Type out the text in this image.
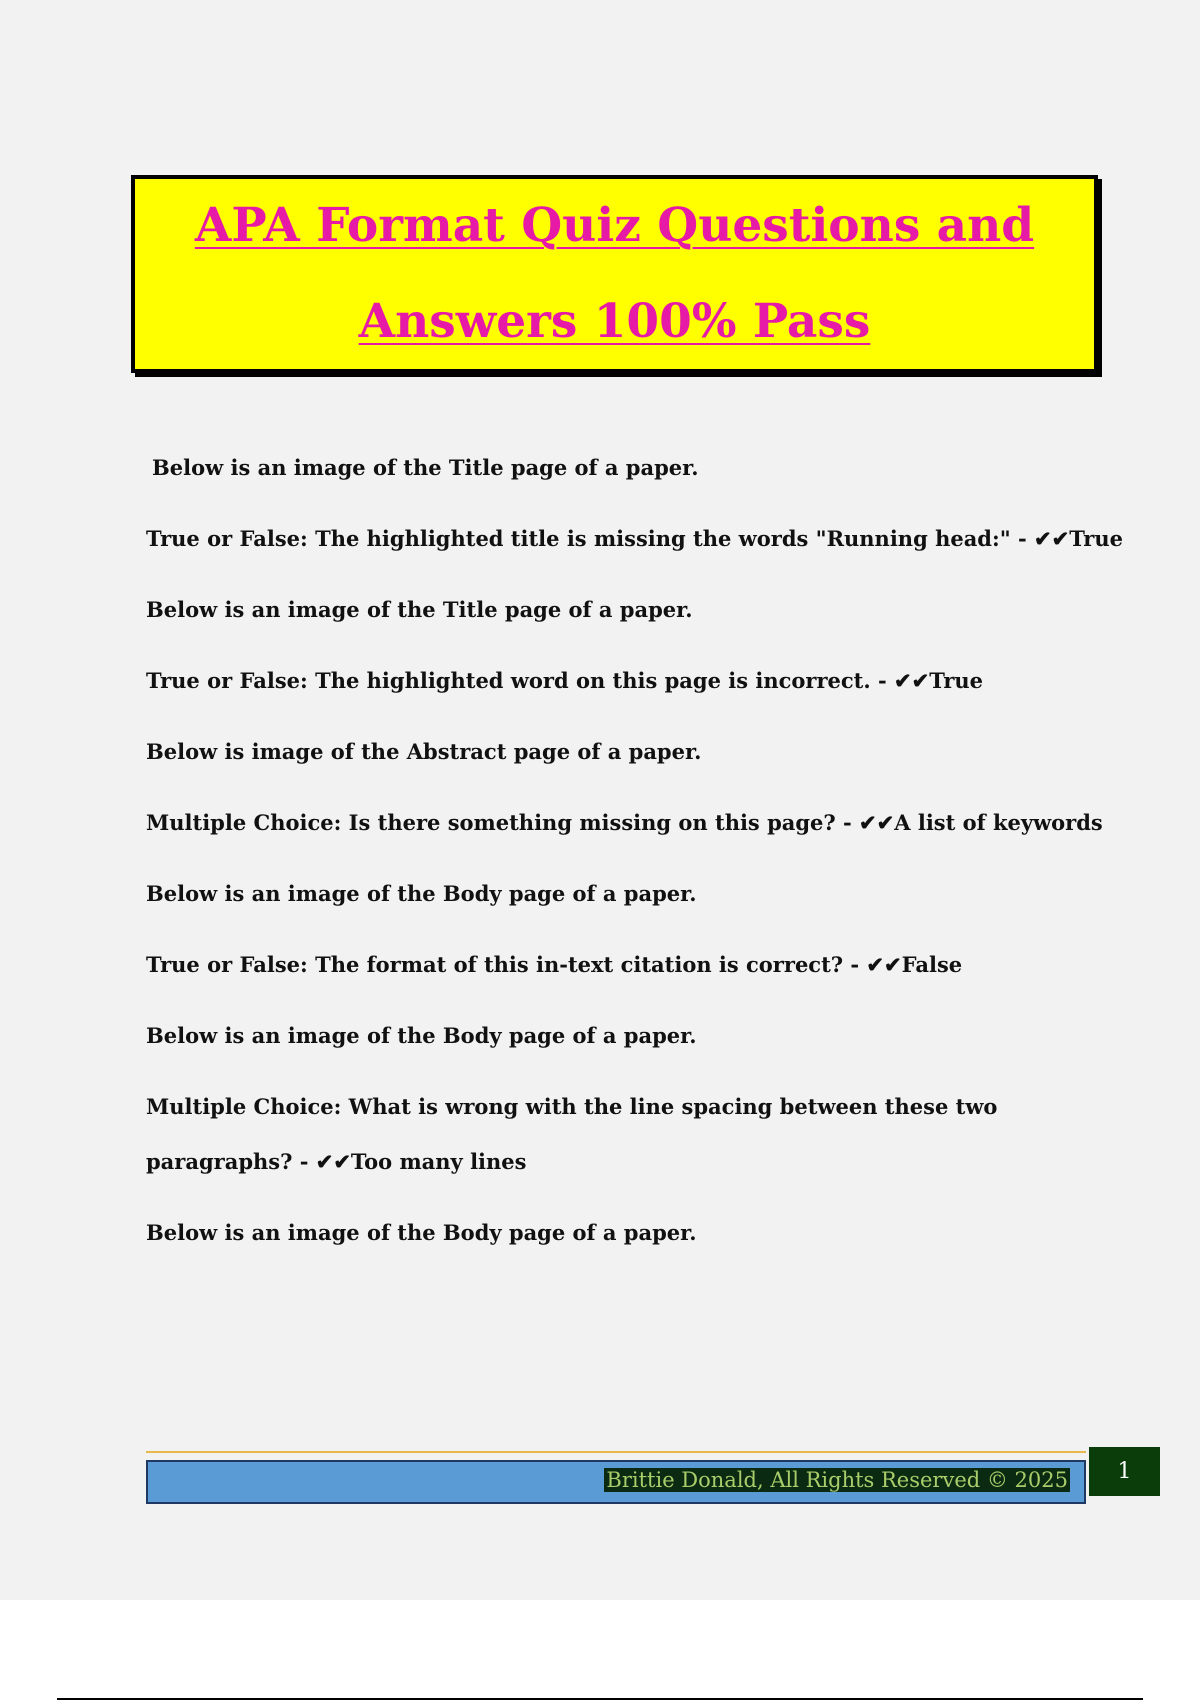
APA Format Quiz Questions and
Answers 100% Pass

Below is an image of the Title page of a paper.

True or False: The highlighted title is missing the words "Running head:" - ✔✔True

Below is an image of the Title page of a paper.

True or False: The highlighted word on this page is incorrect. - ✔✔True

Below is image of the Abstract page of a paper.

Multiple Choice: Is there something missing on this page? - ✔✔A list of keywords

Below is an image of the Body page of a paper.

True or False: The format of this in-text citation is correct? - ✔✔False

Below is an image of the Body page of a paper.

Multiple Choice: What is wrong with the line spacing between these two

paragraphs? - ✔✔Too many lines

Below is an image of the Body page of a paper.

Brittie Donald, All Rights Reserved © 2025	1
